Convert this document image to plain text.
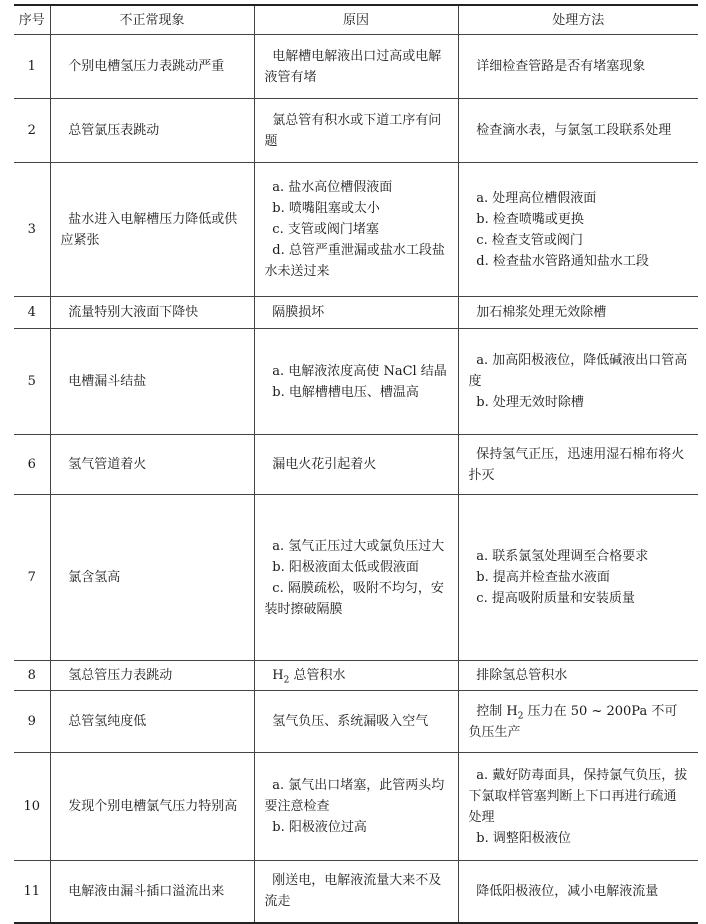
序号	不正常现象	原因	处理方法
1	个别电槽氢压力表跳动严重	电解槽电解液出口过高或电解液管有堵	详细检查管路是否有堵塞现象

2	总管氯压表跳动	氯总管有积水或下道工序有问题	检查滴水表，与氯氢工段联系处理

3	盐水进入电解槽压力降低或供应紧张	a. 盐水高位槽假液面
b. 喷嘴阻塞或太小
c. 支管或阀门堵塞
d. 总管严重泄漏或盐水工段盐水未送过来	a. 处理高位槽假液面
b. 检查喷嘴或更换
c. 检查支管或阀门
d. 检查盐水管路通知盐水工段

4	流量特别大液面下降快	隔膜损坏	加石棉浆处理无效除槽

5	电槽漏斗结盐	a. 电解液浓度高使 NaCl 结晶
b. 电解槽槽电压、槽温高	a. 加高阳极液位，降低碱液出口管高度
b. 处理无效时除槽

6	氢气管道着火	漏电火花引起着火	保持氢气正压，迅速用湿石棉布将火扑灭

7	氯含氢高	a. 氢气正压过大或氯负压过大
b. 阳极液面太低或假液面
c. 隔膜疏松，吸附不均匀，安装时擦破隔膜	a. 联系氯氢处理调至合格要求
b. 提高并检查盐水液面
c. 提高吸附质量和安装质量

8	氢总管压力表跳动	$H_2$ 总管积水	排除氢总管积水

9	总管氢纯度低	氢气负压、系统漏吸入空气	控制 $H_2$ 压力在 50 ~ 200Pa 不可负压生产

10	发现个别电槽氯气压力特别高	a. 氯气出口堵塞，此管两头均要注意检查
b. 阳极液位过高	a. 戴好防毒面具，保持氯气负压，拔下氯取样管塞判断上下口再进行疏通处理
b. 调整阳极液位

11	电解液由漏斗插口溢流出来	刚送电，电解液流量大来不及流走	降低阳极液位，减小电解液流量
